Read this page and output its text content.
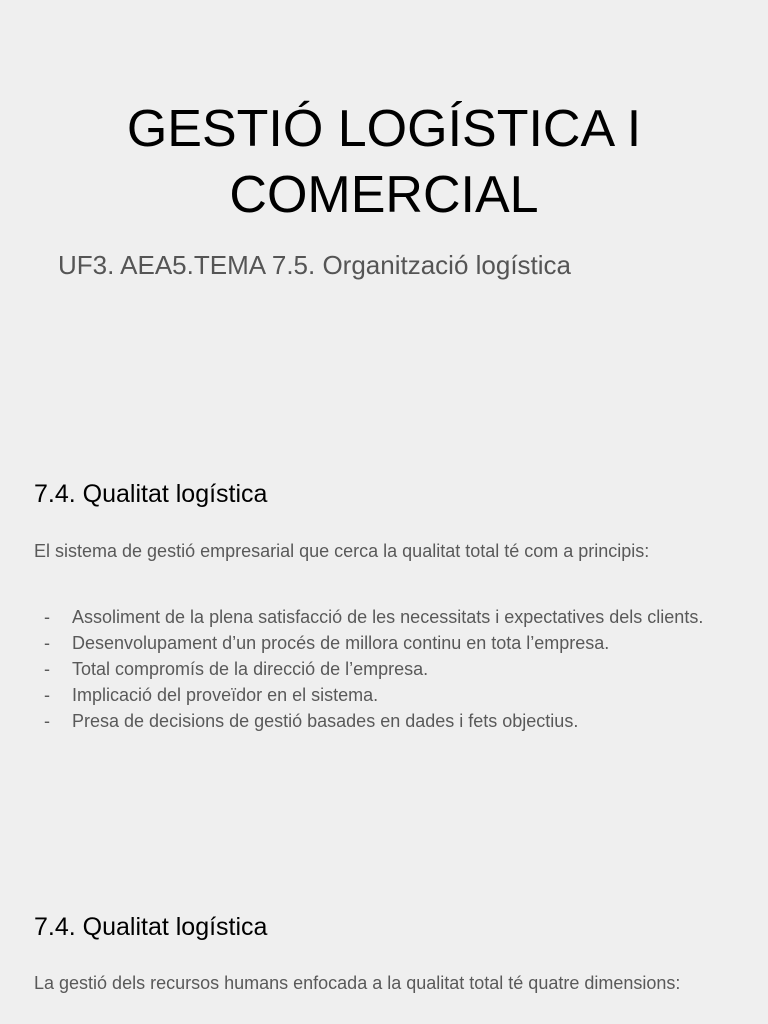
GESTIÓ LOGÍSTICA I COMERCIAL

UF3. AEA5.TEMA 7.5. Organització logística

7.4. Qualitat logística

El sistema de gestió empresarial que cerca la qualitat total té com a principis:

- Assoliment de la plena satisfacció de les necessitats i expectatives dels clients.
- Desenvolupament d’un procés de millora continu en tota l’empresa.
- Total compromís de la direcció de l’empresa.
- Implicació del proveïdor en el sistema.
- Presa de decisions de gestió basades en dades i fets objectius.
7.4. Qualitat logística

La gestió dels recursos humans enfocada a la qualitat total té quatre dimensions:
